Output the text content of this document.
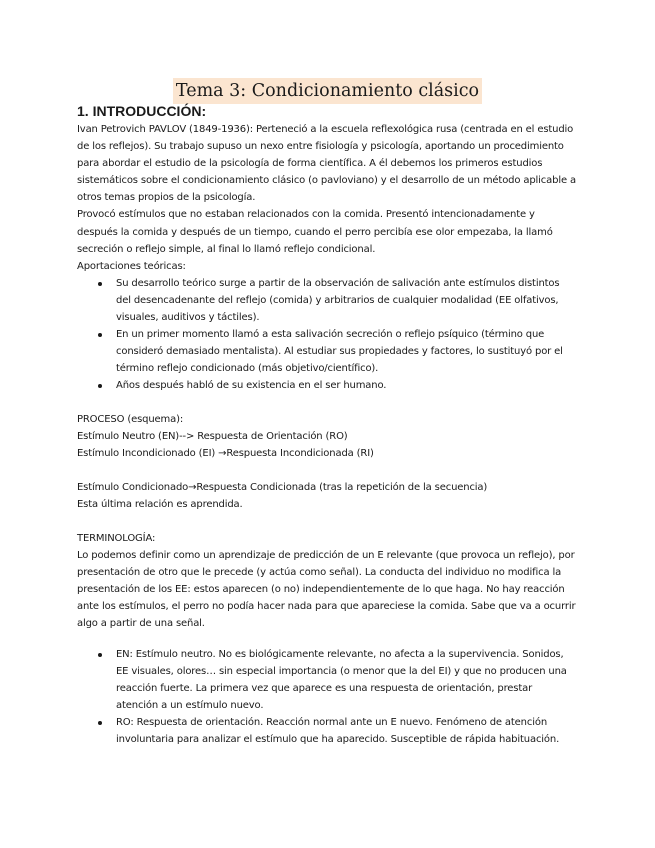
Tema 3: Condicionamiento clásico
1. INTRODUCCIÓN:

Ivan Petrovich PAVLOV (1849-1936): Perteneció a la escuela reflexológica rusa (centrada en el estudio de los reflejos). Su trabajo supuso un nexo entre fisiología y psicología, aportando un procedimiento para abordar el estudio de la psicología de forma científica. A él debemos los primeros estudios sistemáticos sobre el condicionamiento clásico (o pavloviano) y el desarrollo de un método aplicable a otros temas propios de la psicología.

Provocó estímulos que no estaban relacionados con la comida. Presentó intencionadamente y después la comida y después de un tiempo, cuando el perro percibía ese olor empezaba, la llamó secreción o reflejo simple, al final lo llamó reflejo condicional.

Aportaciones teóricas:

Su desarrollo teórico surge a partir de la observación de salivación ante estímulos distintos del desencadenante del reflejo (comida) y arbitrarios de cualquier modalidad (EE olfativos, visuales, auditivos y táctiles).
En un primer momento llamó a esta salivación secreción o reflejo psíquico (término que consideró demasiado mentalista). Al estudiar sus propiedades y factores, lo sustituyó por el término reflejo condicionado (más objetivo/científico).
Años después habló de su existencia en el ser humano.

PROCESO (esquema):

Estímulo Neutro (EN)--> Respuesta de Orientación (RO)

Estímulo Incondicionado (EI) →Respuesta Incondicionada (RI)

Estímulo Condicionado→Respuesta Condicionada (tras la repetición de la secuencia)

Esta última relación es aprendida.

TERMINOLOGÍA:

Lo podemos definir como un aprendizaje de predicción de un E relevante (que provoca un reflejo), por presentación de otro que le precede (y actúa como señal). La conducta del individuo no modifica la presentación de los EE: estos aparecen (o no) independientemente de lo que haga. No hay reacción ante los estímulos, el perro no podía hacer nada para que apareciese la comida. Sabe que va a ocurrir algo a partir de una señal.

EN: Estímulo neutro. No es biológicamente relevante, no afecta a la supervivencia. Sonidos, EE visuales, olores… sin especial importancia (o menor que la del EI) y que no producen una reacción fuerte. La primera vez que aparece es una respuesta de orientación, prestar atención a un estímulo nuevo.
RO: Respuesta de orientación. Reacción normal ante un E nuevo. Fenómeno de atención involuntaria para analizar el estímulo que ha aparecido. Susceptible de rápida habituación.
